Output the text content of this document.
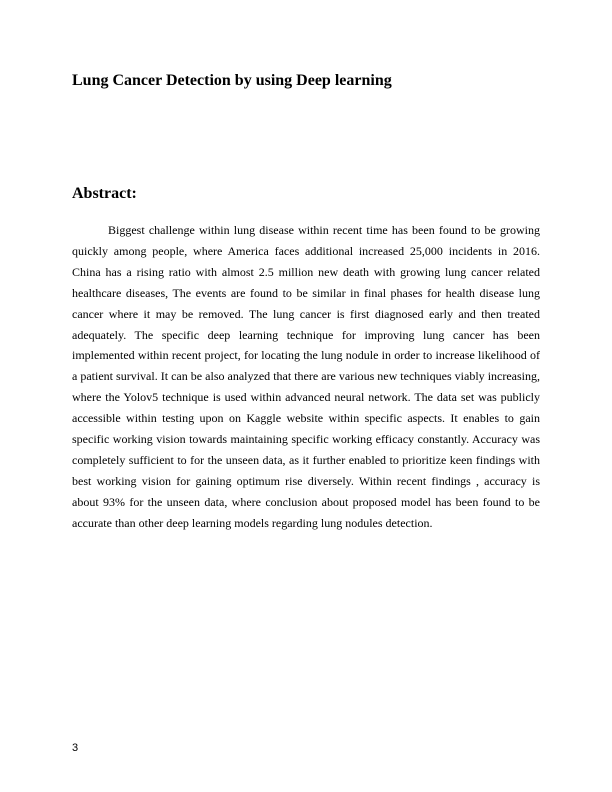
Lung Cancer Detection by using Deep learning
Abstract:

Biggest challenge within lung disease within recent time has been found to be growing quickly among people, where America faces additional increased 25,000 incidents in 2016. China has a rising ratio with almost 2.5 million new death with growing lung cancer related healthcare diseases, The events are found to be similar in final phases for health disease lung cancer where it may be removed. The lung cancer is first diagnosed early and then treated adequately. The specific deep learning technique for improving lung cancer has been implemented within recent project, for locating the lung nodule in order to increase likelihood of a patient survival. It can be also analyzed that there are various new techniques viably increasing, where the Yolov5 technique is used within advanced neural network. The data set was publicly accessible within testing upon on Kaggle website within specific aspects. It enables to gain specific working vision towards maintaining specific working efficacy constantly. Accuracy was completely sufficient to for the unseen data, as it further enabled to prioritize keen findings with best working vision for gaining optimum rise diversely. Within recent findings , accuracy is about 93% for the unseen data, where conclusion about proposed model has been found to be accurate than other deep learning models regarding lung nodules detection.

3
